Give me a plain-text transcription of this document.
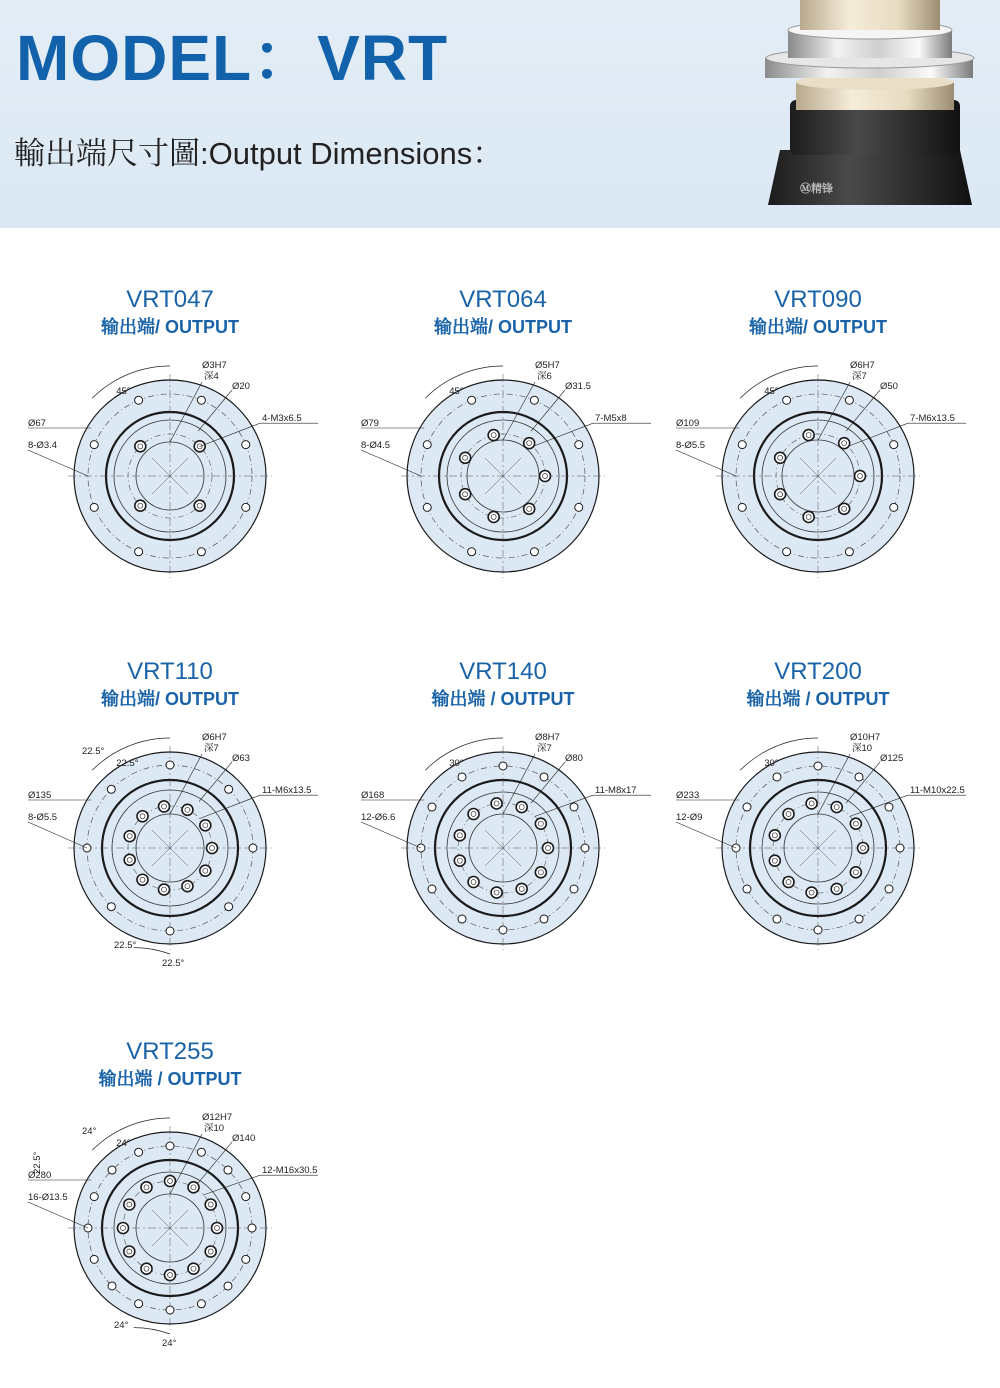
MODEL：VRT
輸出端尺寸圖:Output Dimensions：
Ⓜ精锋
VRT047
输出端/ OUTPUT
45°
Ø3H7
深4
Ø20
4-M3x6.5
Ø67
8-Ø3.4
VRT064
输出端/ OUTPUT
45°
Ø5H7
深6
Ø31.5
7-M5x8
Ø79
8-Ø4.5
VRT090
输出端/ OUTPUT
45°
Ø6H7
深7
Ø50
7-M6x13.5
Ø109
8-Ø5.5
VRT110
输出端/ OUTPUT
22.5°
Ø6H7
深7
Ø63
11-M6x13.5
Ø135
8-Ø5.5
22.5°
22.5°
22.5°
VRT140
输出端 / OUTPUT
30°
Ø8H7
深7
Ø80
11-M8x17
Ø168
12-Ø6.6
VRT200
输出端 / OUTPUT
30°
Ø10H7
深10
Ø125
11-M10x22.5
Ø233
12-Ø9
VRT255
输出端 / OUTPUT
24°
Ø12H7
深10
Ø140
12-M16x30.5
Ø280
16-Ø13.5
24°
24°
24°
22.5°
